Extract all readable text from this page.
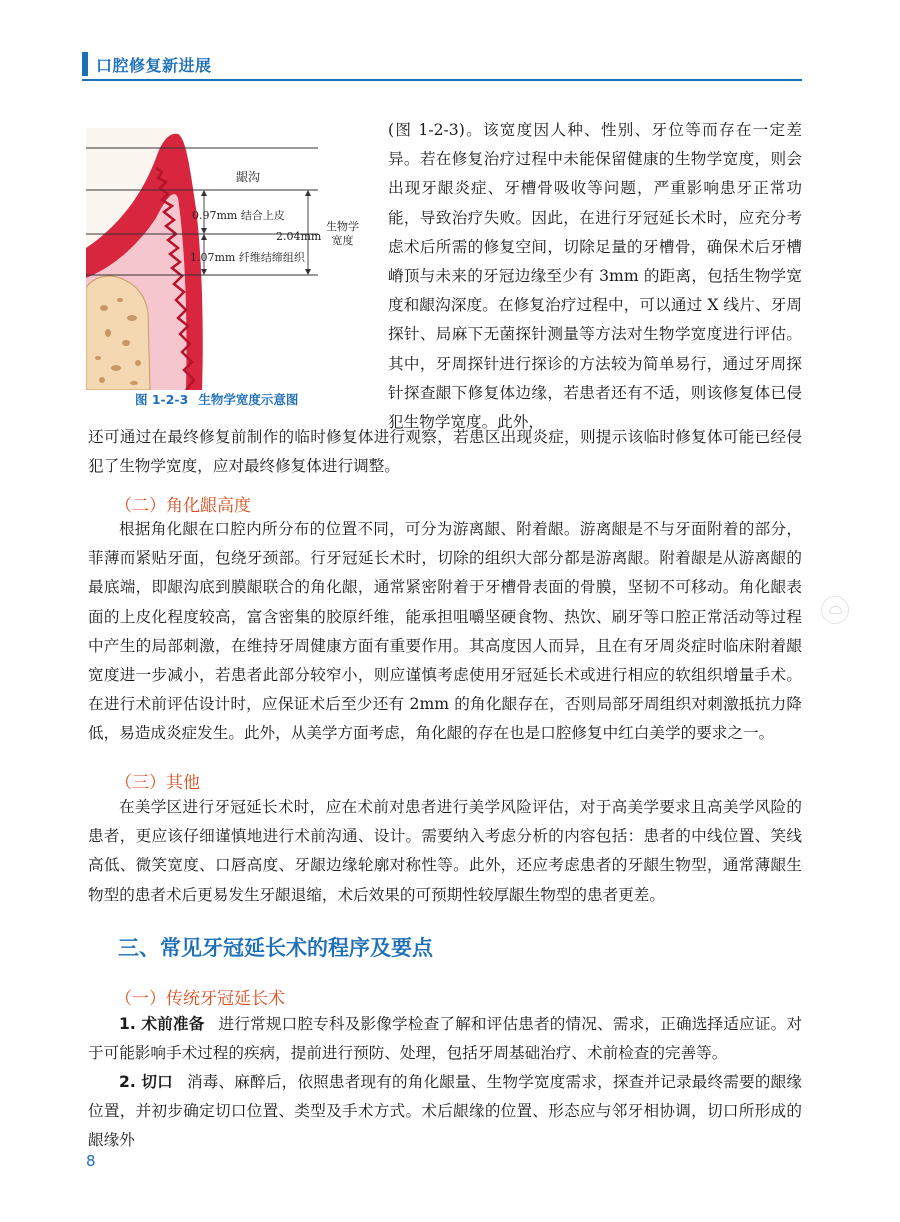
口腔修复新进展
龈沟
0.97mm 结合上皮
1.07mm 纤维结缔组织
2.04mm
生物学
宽度
图 1-2-3 生物学宽度示意图
(图 1-2-3)。该宽度因人种、性别、牙位等而存在一定差异。若在修复治疗过程中未能保留健康的生物学宽度，则会出现牙龈炎症、牙槽骨吸收等问题，严重影响患牙正常功能，导致治疗失败。因此，在进行牙冠延长术时，应充分考虑术后所需的修复空间，切除足量的牙槽骨，确保术后牙槽嵴顶与未来的牙冠边缘至少有 3mm 的距离，包括生物学宽度和龈沟深度。在修复治疗过程中，可以通过 X 线片、牙周探针、局麻下无菌探针测量等方法对生物学宽度进行评估。其中，牙周探针进行探诊的方法较为简单易行，通过牙周探针探查龈下修复体边缘，若患者还有不适，则该修复体已侵犯生物学宽度。此外，
还可通过在最终修复前制作的临时修复体进行观察，若患区出现炎症，则提示该临时修复体可能已经侵犯了生物学宽度，应对最终修复体进行调整。
（二）角化龈高度
根据角化龈在口腔内所分布的位置不同，可分为游离龈、附着龈。游离龈是不与牙面附着的部分，菲薄而紧贴牙面，包绕牙颈部。行牙冠延长术时，切除的组织大部分都是游离龈。附着龈是从游离龈的最底端，即龈沟底到膜龈联合的角化龈，通常紧密附着于牙槽骨表面的骨膜，坚韧不可移动。角化龈表面的上皮化程度较高，富含密集的胶原纤维，能承担咀嚼坚硬食物、热饮、刷牙等口腔正常活动等过程中产生的局部刺激，在维持牙周健康方面有重要作用。其高度因人而异，且在有牙周炎症时临床附着龈宽度进一步减小，若患者此部分较窄小，则应谨慎考虑使用牙冠延长术或进行相应的软组织增量手术。在进行术前评估设计时，应保证术后至少还有 2mm 的角化龈存在，否则局部牙周组织对刺激抵抗力降低，易造成炎症发生。此外，从美学方面考虑，角化龈的存在也是口腔修复中红白美学的要求之一。
（三）其他
在美学区进行牙冠延长术时，应在术前对患者进行美学风险评估，对于高美学要求且高美学风险的患者，更应该仔细谨慎地进行术前沟通、设计。需要纳入考虑分析的内容包括：患者的中线位置、笑线高低、微笑宽度、口唇高度、牙龈边缘轮廓对称性等。此外，还应考虑患者的牙龈生物型，通常薄龈生物型的患者术后更易发生牙龈退缩，术后效果的可预期性较厚龈生物型的患者更差。
三、常见牙冠延长术的程序及要点
（一）传统牙冠延长术
1. 术前准备 进行常规口腔专科及影像学检查了解和评估患者的情况、需求，正确选择适应证。对于可能影响手术过程的疾病，提前进行预防、处理，包括牙周基础治疗、术前检查的完善等。
2. 切口 消毒、麻醉后，依照患者现有的角化龈量、生物学宽度需求，探查并记录最终需要的龈缘位置，并初步确定切口位置、类型及手术方式。术后龈缘的位置、形态应与邻牙相协调，切口所形成的龈缘外
8
